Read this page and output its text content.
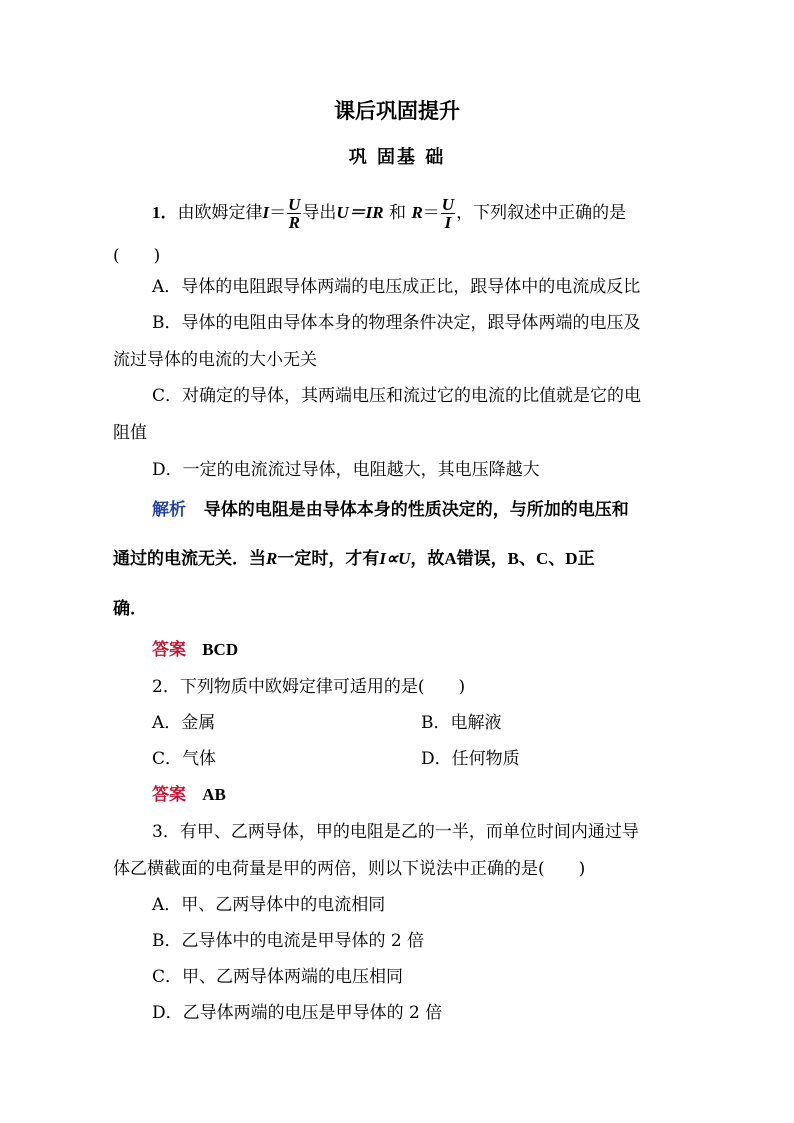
课后巩固提升
巩 固基 础
1．由欧姆定律$I= \frac{U}{R}$ 导出U＝IR 和 $R= \frac{U}{I}$ ，下列叙述中正确的是
(　　)
A．导体的电阻跟导体两端的电压成正比，跟导体中的电流成反比
B．导体的电阻由导体本身的物理条件决定，跟导体两端的电压及
流过导体的电流的大小无关
C．对确定的导体，其两端电压和流过它的电流的比值就是它的电
阻值
D．一定的电流流过导体，电阻越大，其电压降越大
解析 导体的电阻是由导体本身的性质决定的，与所加的电压和
通过的电流无关．当R一定时，才有I∝U，故A错误，B、C、D正
确．
答案 BCD
2．下列物质中欧姆定律可适用的是(　　)
A．金属	B．电解液
C．气体	D．任何物质
答案 AB
3．有甲、乙两导体，甲的电阻是乙的一半，而单位时间内通过导
体乙横截面的电荷量是甲的两倍，则以下说法中正确的是(　　)
A．甲、乙两导体中的电流相同
B．乙导体中的电流是甲导体的 2 倍
C．甲、乙两导体两端的电压相同
D．乙导体两端的电压是甲导体的 2 倍
